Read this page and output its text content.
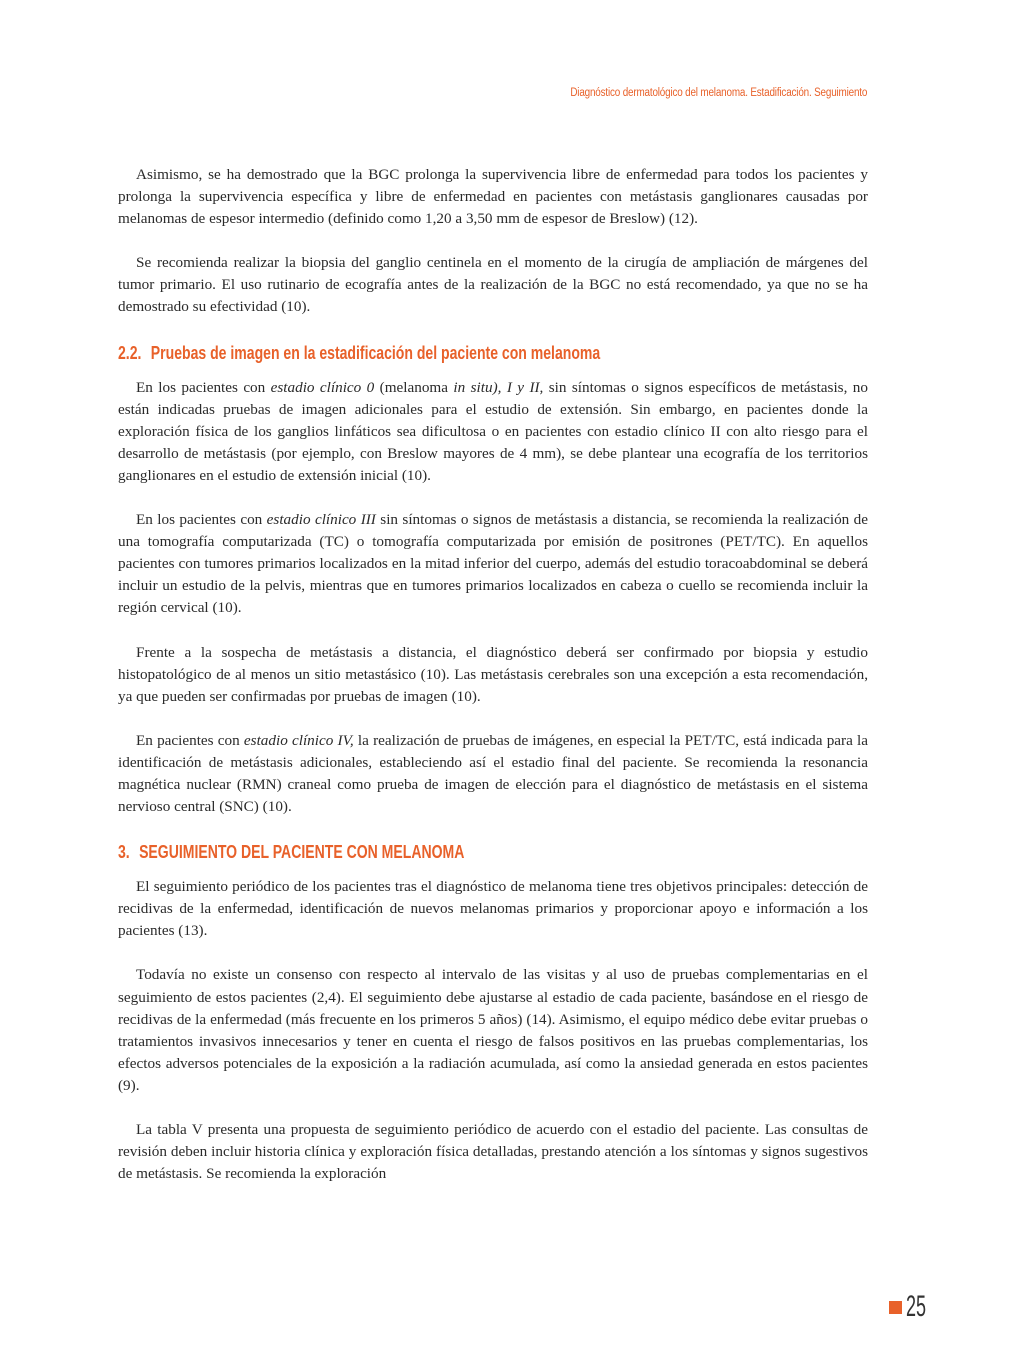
Diagnóstico dermatológico del melanoma. Estadificación. Seguimiento

Asimismo, se ha demostrado que la BGC prolonga la supervivencia libre de enfermedad para todos los pacientes y prolonga la supervivencia específica y libre de enfermedad en pacientes con metástasis ganglionares causadas por melanomas de espesor intermedio (definido como 1,20 a 3,50 mm de espesor de Breslow) (12).

Se recomienda realizar la biopsia del ganglio centinela en el momento de la cirugía de ampliación de márgenes del tumor primario. El uso rutinario de ecografía antes de la realización de la BGC no está recomendado, ya que no se ha demostrado su efectividad (10).

2.2. Pruebas de imagen en la estadificación del paciente con melanoma

En los pacientes con estadio clínico 0 (melanoma in situ), I y II, sin síntomas o signos específicos de metástasis, no están indicadas pruebas de imagen adicionales para el estudio de extensión. Sin embargo, en pacientes donde la exploración física de los ganglios linfáticos sea dificultosa o en pacientes con estadio clínico II con alto riesgo para el desarrollo de metástasis (por ejemplo, con Breslow mayores de 4 mm), se debe plantear una ecografía de los territorios ganglionares en el estudio de extensión inicial (10).

En los pacientes con estadio clínico III sin síntomas o signos de metástasis a distancia, se recomienda la realización de una tomografía computarizada (TC) o tomografía computarizada por emisión de positrones (PET/TC). En aquellos pacientes con tumores primarios localizados en la mitad inferior del cuerpo, además del estudio toracoabdominal se deberá incluir un estudio de la pelvis, mientras que en tumores primarios localizados en cabeza o cuello se recomienda incluir la región cervical (10).

Frente a la sospecha de metástasis a distancia, el diagnóstico deberá ser confirmado por biopsia y estudio histopatológico de al menos un sitio metastásico (10). Las metástasis cerebrales son una excepción a esta recomendación, ya que pueden ser confirmadas por pruebas de imagen (10).

En pacientes con estadio clínico IV, la realización de pruebas de imágenes, en especial la PET/TC, está indicada para la identificación de metástasis adicionales, estableciendo así el estadio final del paciente. Se recomienda la resonancia magnética nuclear (RMN) craneal como prueba de imagen de elección para el diagnóstico de metástasis en el sistema nervioso central (SNC) (10).

3. SEGUIMIENTO DEL PACIENTE CON MELANOMA

El seguimiento periódico de los pacientes tras el diagnóstico de melanoma tiene tres objetivos principales: detección de recidivas de la enfermedad, identificación de nuevos melanomas primarios y proporcionar apoyo e información a los pacientes (13).

Todavía no existe un consenso con respecto al intervalo de las visitas y al uso de pruebas complementarias en el seguimiento de estos pacientes (2,4). El seguimiento debe ajustarse al estadio de cada paciente, basándose en el riesgo de recidivas de la enfermedad (más frecuente en los primeros 5 años) (14). Asimismo, el equipo médico debe evitar pruebas o tratamientos invasivos innecesarios y tener en cuenta el riesgo de falsos positivos en las pruebas complementarias, los efectos adversos potenciales de la exposición a la radiación acumulada, así como la ansiedad generada en estos pacientes (9).

La tabla V presenta una propuesta de seguimiento periódico de acuerdo con el estadio del paciente. Las consultas de revisión deben incluir historia clínica y exploración física detalladas, prestando atención a los síntomas y signos sugestivos de metástasis. Se recomienda la exploración

25
